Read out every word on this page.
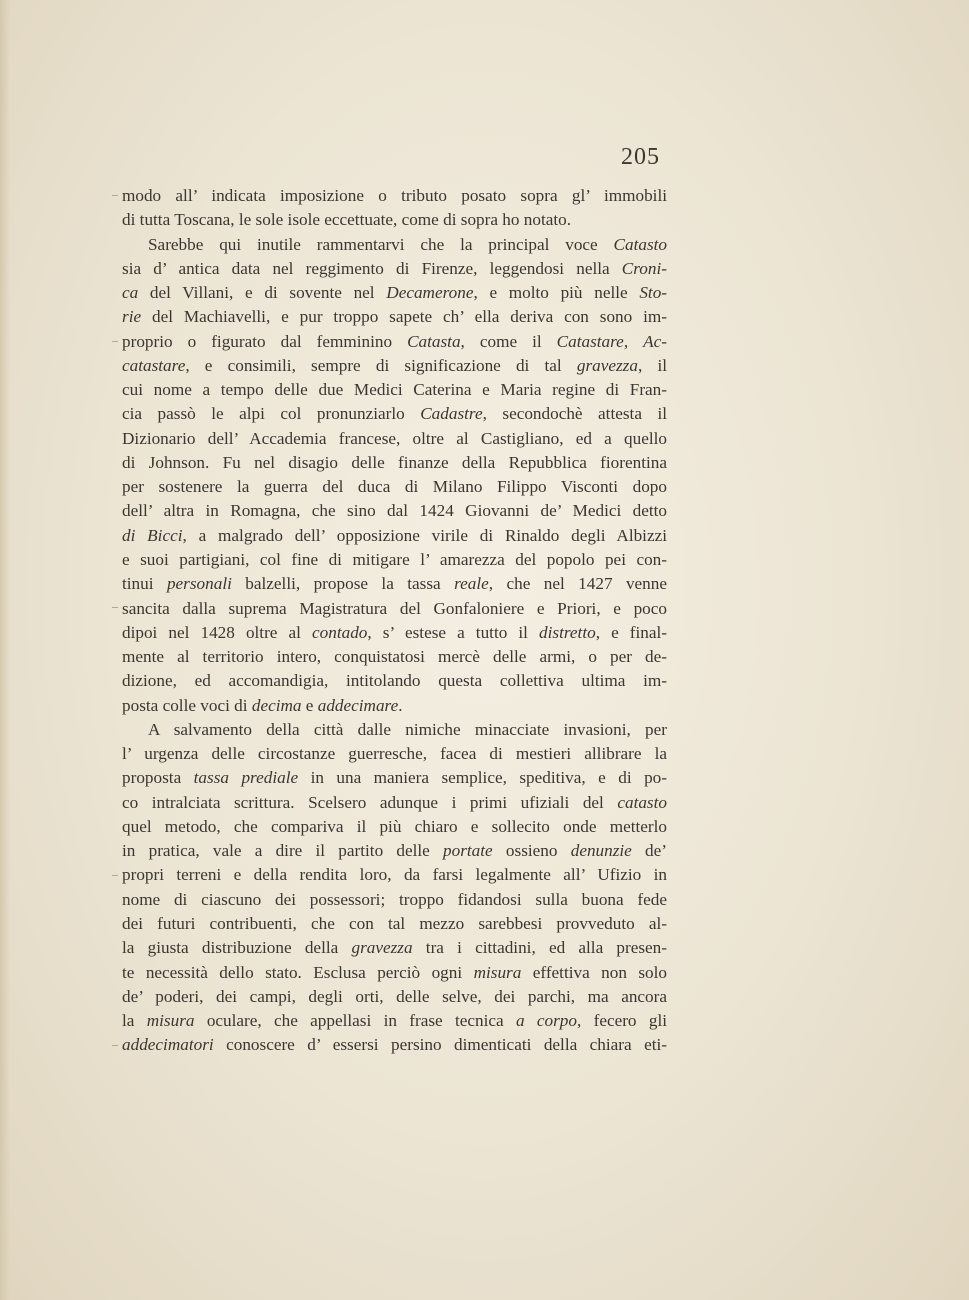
205
modo all’ indicata imposizione o tributo posato sopra gl’ immobili
di tutta Toscana, le sole isole eccettuate, come di sopra ho notato.
Sarebbe qui inutile rammentarvi che la principal voce Catasto
sia d’ antica data nel reggimento di Firenze, leggendosi nella Croni-
ca del Villani, e di sovente nel Decamerone, e molto più nelle Sto-
rie del Machiavelli, e pur troppo sapete ch’ ella deriva con sono im-
proprio o figurato dal femminino Catasta, come il Catastare, Ac-
catastare, e consimili, sempre di significazione di tal gravezza, il
cui nome a tempo delle due Medici Caterina e Maria regine di Fran-
cia passò le alpi col pronunziarlo Cadastre, secondochè attesta il
Dizionario dell’ Accademia francese, oltre al Castigliano, ed a quello
di Johnson. Fu nel disagio delle finanze della Repubblica fiorentina
per sostenere la guerra del duca di Milano Filippo Visconti dopo
dell’ altra in Romagna, che sino dal 1424 Giovanni de’ Medici detto
di Bicci, a malgrado dell’ opposizione virile di Rinaldo degli Albizzi
e suoi partigiani, col fine di mitigare l’ amarezza del popolo pei con-
tinui personali balzelli, propose la tassa reale, che nel 1427 venne
sancita dalla suprema Magistratura del Gonfaloniere e Priori, e poco
dipoi nel 1428 oltre al contado, s’ estese a tutto il distretto, e final-
mente al territorio intero, conquistatosi mercè delle armi, o per de-
dizione, ed accomandigia, intitolando questa collettiva ultima im-
posta colle voci di decima e addecimare.
A salvamento della città dalle nimiche minacciate invasioni, per
l’ urgenza delle circostanze guerresche, facea di mestieri allibrare la
proposta tassa prediale in una maniera semplice, speditiva, e di po-
co intralciata scrittura. Scelsero adunque i primi ufiziali del catasto
quel metodo, che compariva il più chiaro e sollecito onde metterlo
in pratica, vale a dire il partito delle portate ossieno denunzie de’
propri terreni e della rendita loro, da farsi legalmente all’ Ufizio in
nome di ciascuno dei possessori; troppo fidandosi sulla buona fede
dei futuri contribuenti, che con tal mezzo sarebbesi provveduto al-
la giusta distribuzione della gravezza tra i cittadini, ed alla presen-
te necessità dello stato. Esclusa perciò ogni misura effettiva non solo
de’ poderi, dei campi, degli orti, delle selve, dei parchi, ma ancora
la misura oculare, che appellasi in frase tecnica a corpo, fecero gli
addecimatori conoscere d’ essersi persino dimenticati della chiara eti-
